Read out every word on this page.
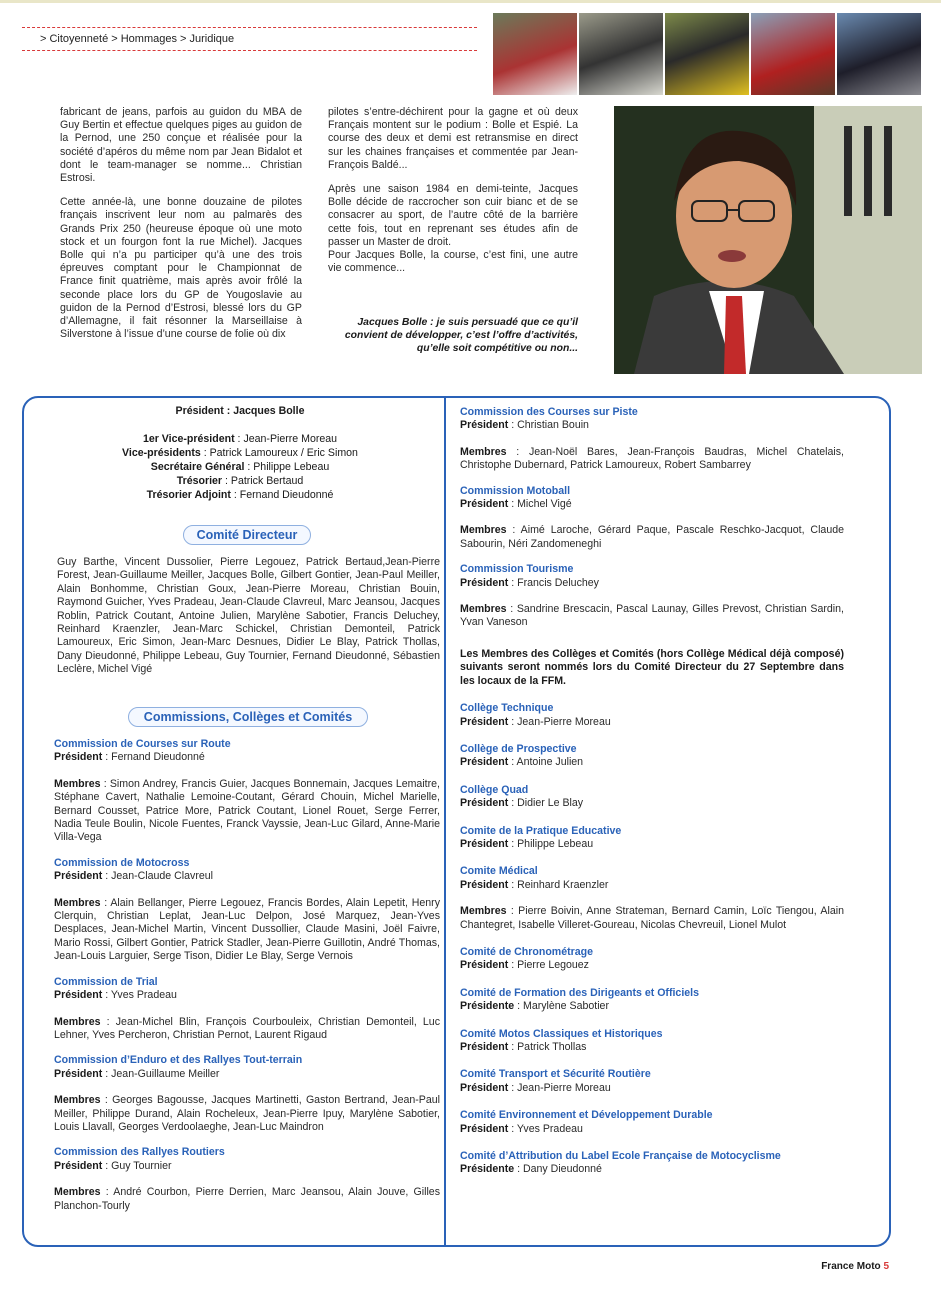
> Citoyenneté > Hommages > Juridique

fabricant de jeans, parfois au guidon du MBA de Guy Bertin et effectue quelques piges au guidon de la Pernod, une 250 conçue et réalisée pour la société d’apéros du même nom par Jean Bidalot et dont le team-manager se nomme... Christian Estrosi.

Cette année-là, une bonne douzaine de pilotes français inscrivent leur nom au palmarès des Grands Prix 250 (heureuse époque où une moto stock et un fourgon font la rue Michel). Jacques Bolle qui n’a pu participer qu’à une des trois épreuves comptant pour le Championnat de France finit quatrième, mais après avoir frôlé la seconde place lors du GP de Yougoslavie au guidon de la Pernod d’Estrosi, blessé lors du GP d’Allemagne, il fait résonner la Marseillaise à Silverstone à l’issue d’une course de folie où dix

pilotes s’entre-déchirent pour la gagne et où deux Français montent sur le podium : Bolle et Espié. La course des deux et demi est retransmise en direct sur les chaines françaises et commentée par Jean-François Baldé...

Après une saison 1984 en demi-teinte, Jacques Bolle décide de raccrocher son cuir bianc et de se consacrer au sport, de l’autre côté de la barrière cette fois, tout en reprenant ses études afin de passer un Master de droit.

Pour Jacques Bolle, la course, c’est fini, une autre vie commence...

Jacques Bolle : je suis persuadé que ce qu’il convient de développer, c’est l’offre d’activités, qu’elle soit compétitive ou non...
Président : Jacques Bolle
1er Vice-président : Jean-Pierre Moreau
Vice-présidents : Patrick Lamoureux / Eric Simon
Secrétaire Général : Philippe Lebeau
Trésorier : Patrick Bertaud
Trésorier Adjoint : Fernand Dieudonné
Comité Directeur
Guy Barthe, Vincent Dussolier, Pierre Legouez, Patrick Bertaud,Jean-Pierre Forest, Jean-Guillaume Meiller, Jacques Bolle, Gilbert Gontier, Jean-Paul Meiller, Alain Bonhomme, Christian Goux, Jean-Pierre Moreau, Christian Bouin, Raymond Guicher, Yves Pradeau, Jean-Claude Clavreul, Marc Jeansou, Jacques Roblin, Patrick Coutant, Antoine Julien, Marylène Sabotier, Francis Deluchey, Reinhard Kraenzler, Jean-Marc Schickel, Christian Demonteil, Patrick Lamoureux, Eric Simon, Jean-Marc Desnues, Didier Le Blay, Patrick Thollas, Dany Dieudonné, Philippe Lebeau, Guy Tournier, Fernand Dieudonné, Sébastien Leclère, Michel Vigé
Commissions, Collèges et Comités
Commission de Courses sur Route
Président : Fernand Dieudonné
Membres : Simon Andrey, Francis Guier, Jacques Bonnemain, Jacques Lemaitre, Stéphane Cavert, Nathalie Lemoine-Coutant, Gérard Chouin, Michel Marielle, Bernard Cousset, Patrice More, Patrick Coutant, Lionel Rouet, Serge Ferrer, Nadia Teule Boulin, Nicole Fuentes, Franck Vayssie, Jean-Luc Gilard, Anne-Marie Villa-Vega
Commission de Motocross
Président : Jean-Claude Clavreul
Membres : Alain Bellanger, Pierre Legouez, Francis Bordes, Alain Lepetit, Henry Clerquin, Christian Leplat, Jean-Luc Delpon, José Marquez, Jean-Yves Desplaces, Jean-Michel Martin, Vincent Dussollier, Claude Masini, Joël Faivre, Mario Rossi, Gilbert Gontier, Patrick Stadler, Jean-Pierre Guillotin, André Thomas, Jean-Louis Larguier, Serge Tison, Didier Le Blay, Serge Vernois
Commission de Trial
Président : Yves Pradeau
Membres : Jean-Michel Blin, François Courbouleix, Christian Demonteil, Luc Lehner, Yves Percheron, Christian Pernot, Laurent Rigaud
Commission d’Enduro et des Rallyes Tout-terrain
Président : Jean-Guillaume Meiller
Membres : Georges Bagousse, Jacques Martinetti, Gaston Bertrand, Jean-Paul Meiller, Philippe Durand, Alain Rocheleux, Jean-Pierre Ipuy, Marylène Sabotier, Louis Llavall, Georges Verdoolaeghe, Jean-Luc Maindron
Commission des Rallyes Routiers
Président : Guy Tournier
Membres : André Courbon, Pierre Derrien, Marc Jeansou, Alain Jouve, Gilles Planchon-Tourly
Commission des Courses sur Piste
Président : Christian Bouin
Membres : Jean-Noël Bares, Jean-François Baudras, Michel Chatelais, Christophe Dubernard, Patrick Lamoureux, Robert Sambarrey
Commission Motoball
Président : Michel Vigé
Membres : Aimé Laroche, Gérard Paque, Pascale Reschko-Jacquot, Claude Sabourin, Néri Zandomeneghi
Commission Tourisme
Président : Francis Deluchey
Membres : Sandrine Brescacin, Pascal Launay, Gilles Prevost, Christian Sardin, Yvan Vaneson
Les Membres des Collèges et Comités (hors Collège Médical déjà composé) suivants seront nommés lors du Comité Directeur du 27 Septembre dans les locaux de la FFM.
Collège Technique
Président : Jean-Pierre Moreau
Collège de Prospective
Président : Antoine Julien
Collège Quad
Président : Didier Le Blay
Comite de la Pratique Educative
Président : Philippe Lebeau
Comite Médical
Président : Reinhard Kraenzler
Membres : Pierre Boivin, Anne Strateman, Bernard Camin, Loïc Tiengou, Alain Chantegret, Isabelle Villeret-Goureau, Nicolas Chevreuil, Lionel Mulot
Comité de Chronométrage
Président : Pierre Legouez
Comité de Formation des Dirigeants et Officiels
Présidente : Marylène Sabotier
Comité Motos Classiques et Historiques
Président : Patrick Thollas
Comité Transport et Sécurité Routière
Président : Jean-Pierre Moreau
Comité Environnement et Développement Durable
Président : Yves Pradeau
Comité d’Attribution du Label Ecole Française de Motocyclisme
Présidente : Dany Dieudonné
France Moto 5
